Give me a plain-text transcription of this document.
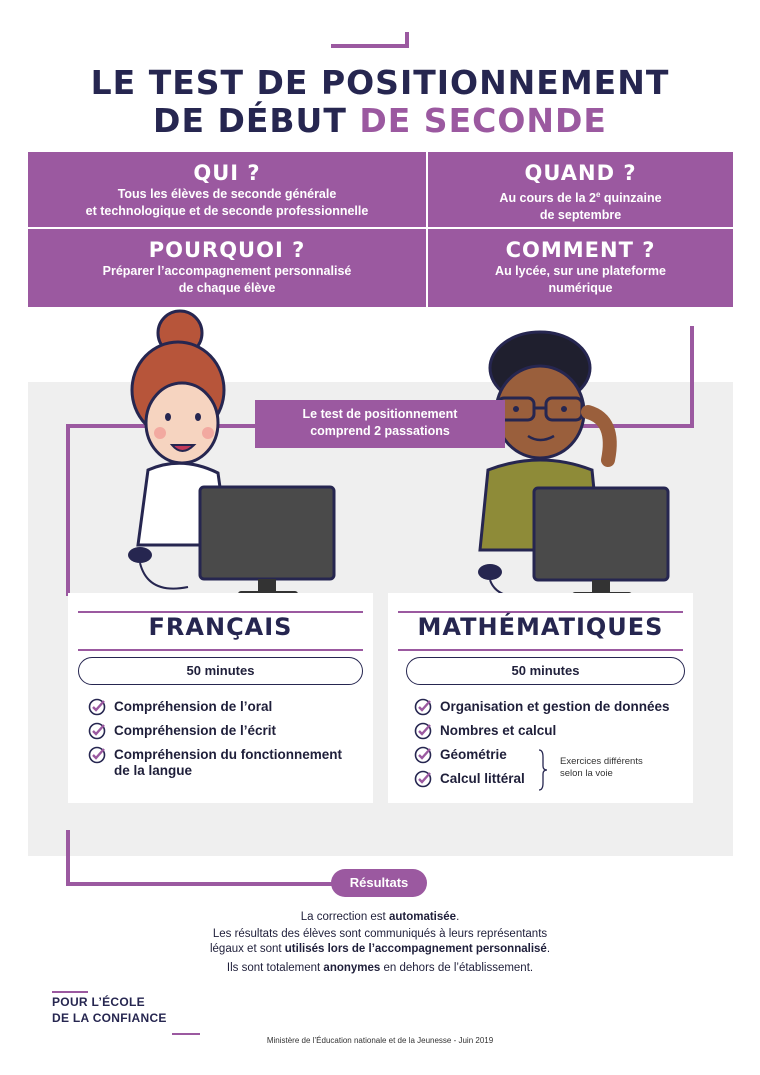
LE TEST DE POSITIONNEMENT
DE DÉBUT DE SECONDE
QUI ?

Tous les élèves de seconde générale

et technologique et de seconde professionnelle

QUAND ?

Au cours de la 2e quinzaine

de septembre

POURQUOI ?

Préparer l’accompagnement personnalisé

de chaque élève

COMMENT ?

Au lycée, sur une plateforme

numérique

Le test de positionnement
comprend 2 passations
FRANÇAIS
50 minutes
Compréhension de l’oral
Compréhension de l’écrit
Compréhension du fonctionnement
de la langue
MATHÉMATIQUES
50 minutes
Organisation et gestion de données
Nombres et calcul
Géométrie
Calcul littéral
Exercices différents
selon la voie
Résultats
La correction est automatisée.
Les résultats des élèves sont communiqués à leurs représentants
légaux et sont utilisés lors de l’accompagnement personnalisé.
Ils sont totalement anonymes en dehors de l’établissement.
POUR L’ÉCOLE
DE LA CONFIANCE
Ministère de l’Éducation nationale et de la Jeunesse - Juin 2019
